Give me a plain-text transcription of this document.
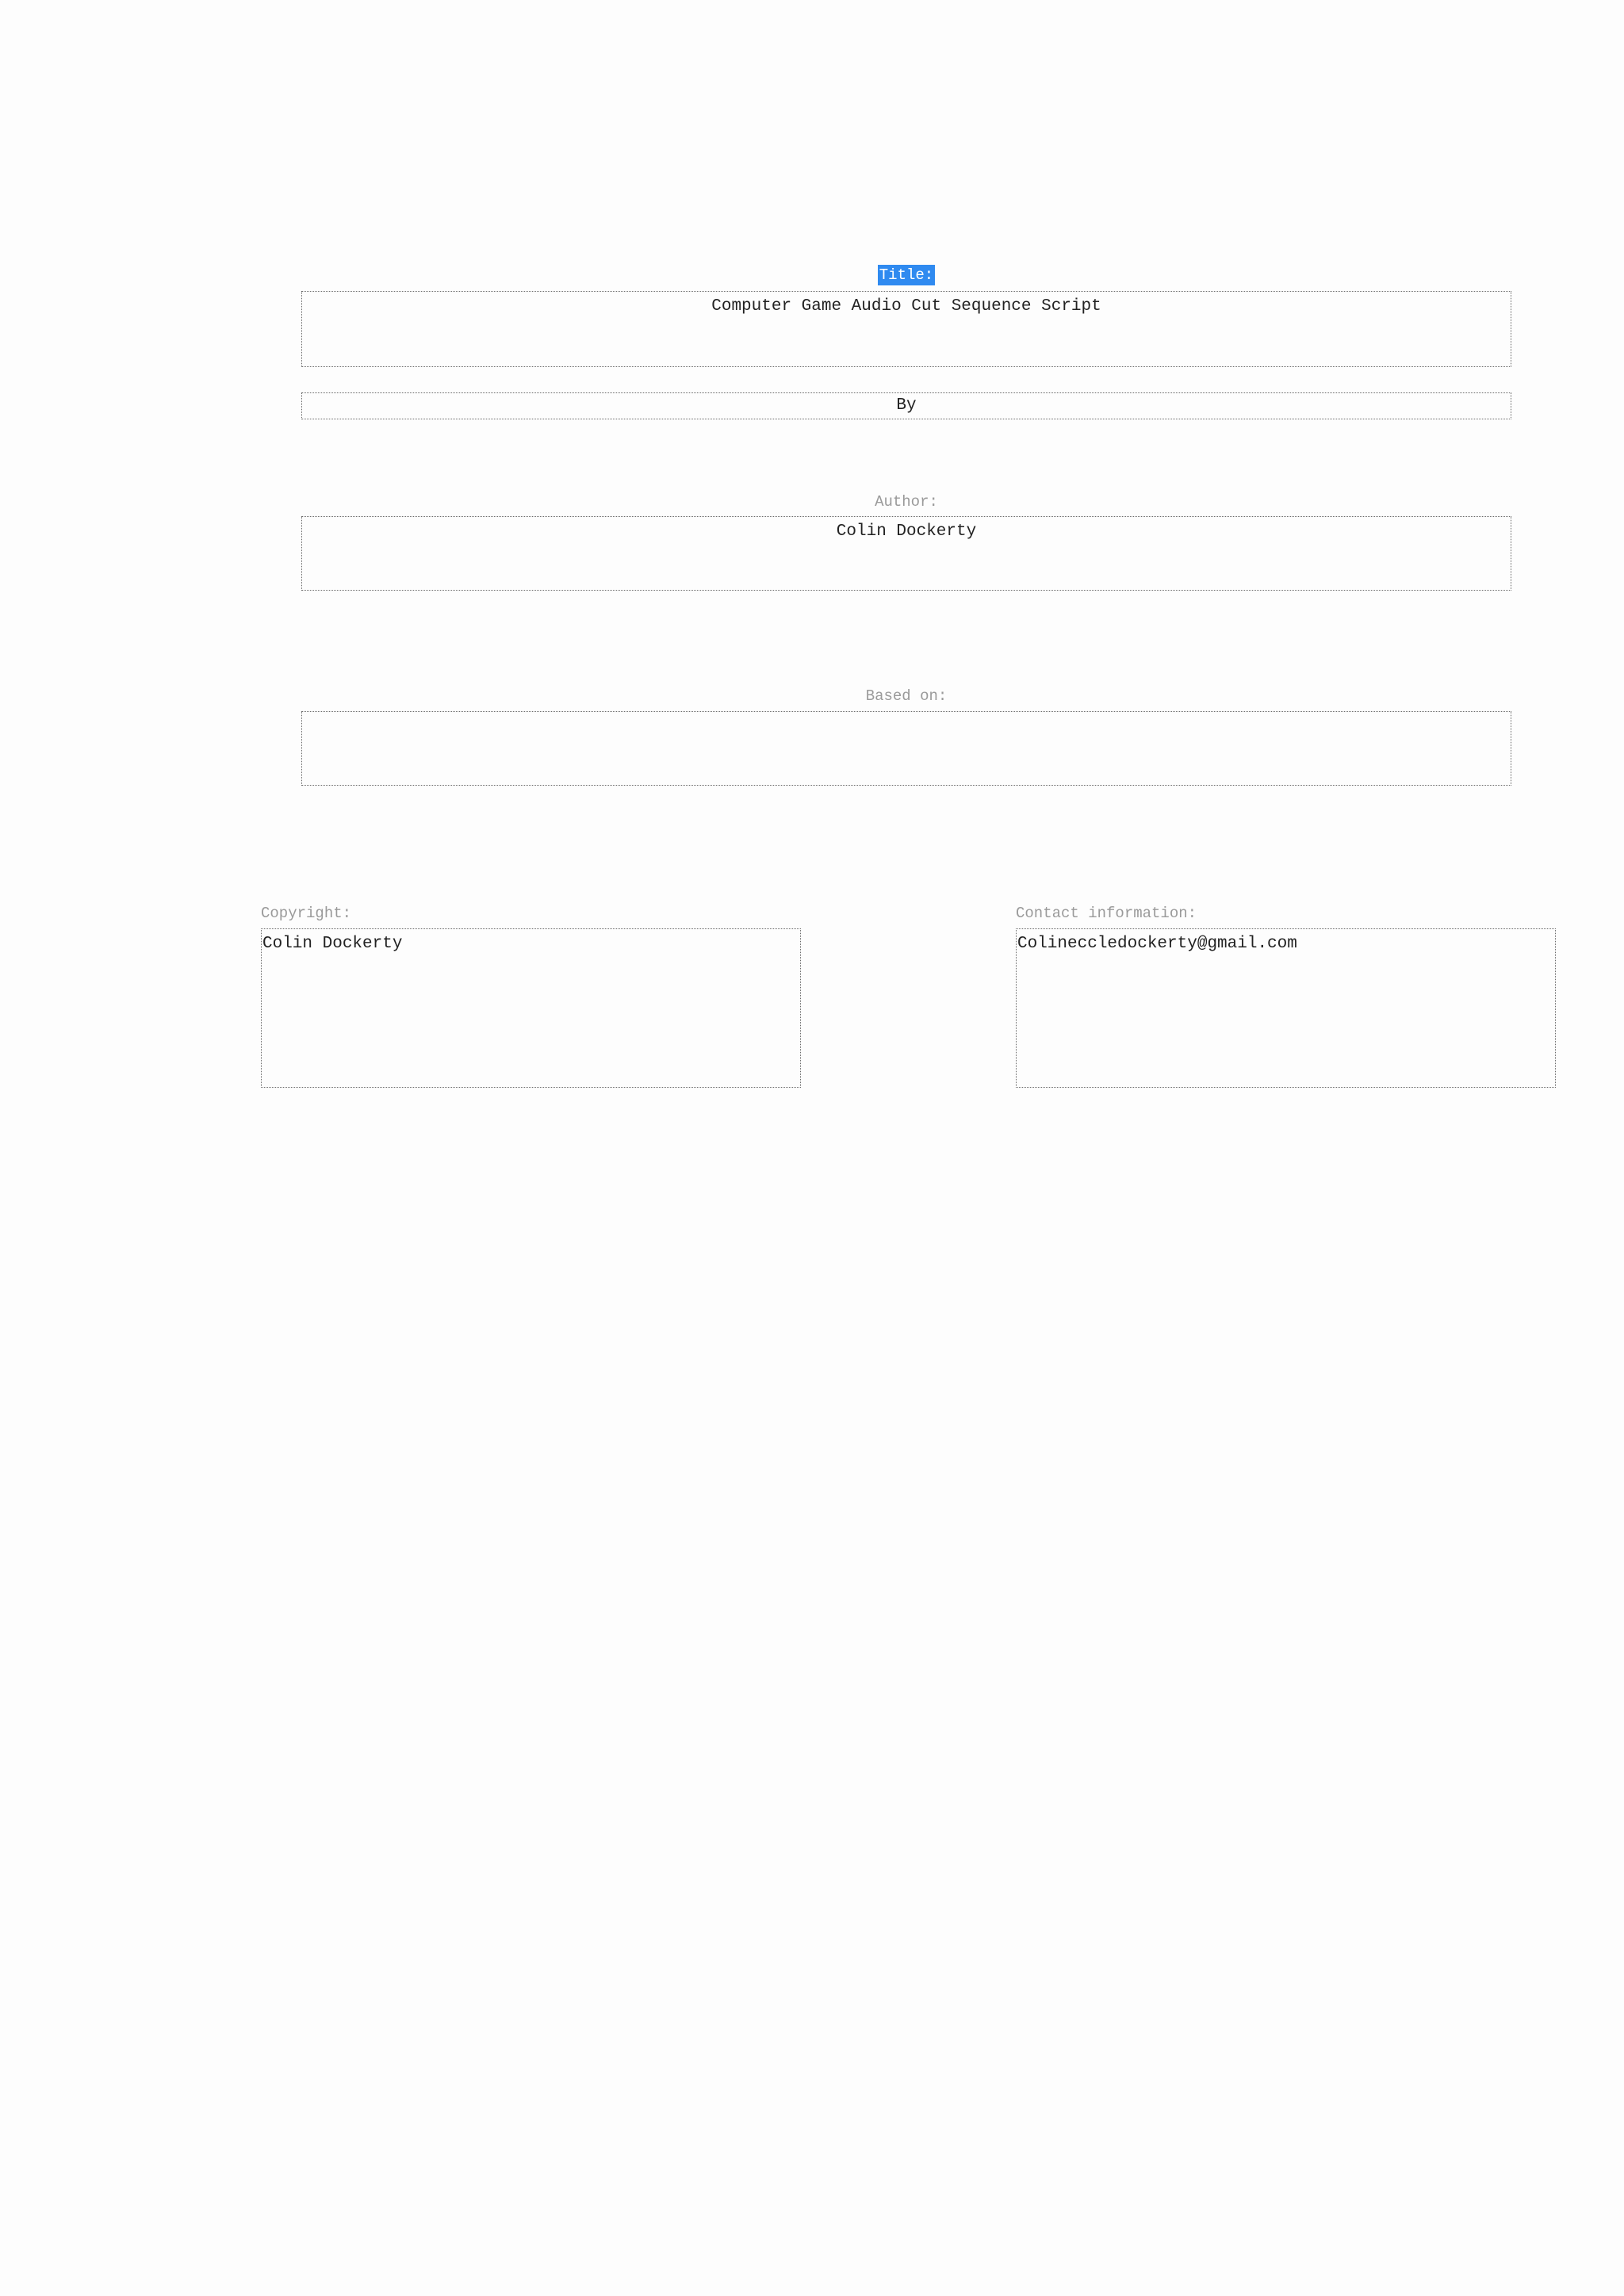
Title:
Computer Game Audio Cut Sequence Script
By
Author:
Colin Dockerty
Based on:
Copyright:
Colin Dockerty
Contact information:
Colineccledockerty@gmail.com
